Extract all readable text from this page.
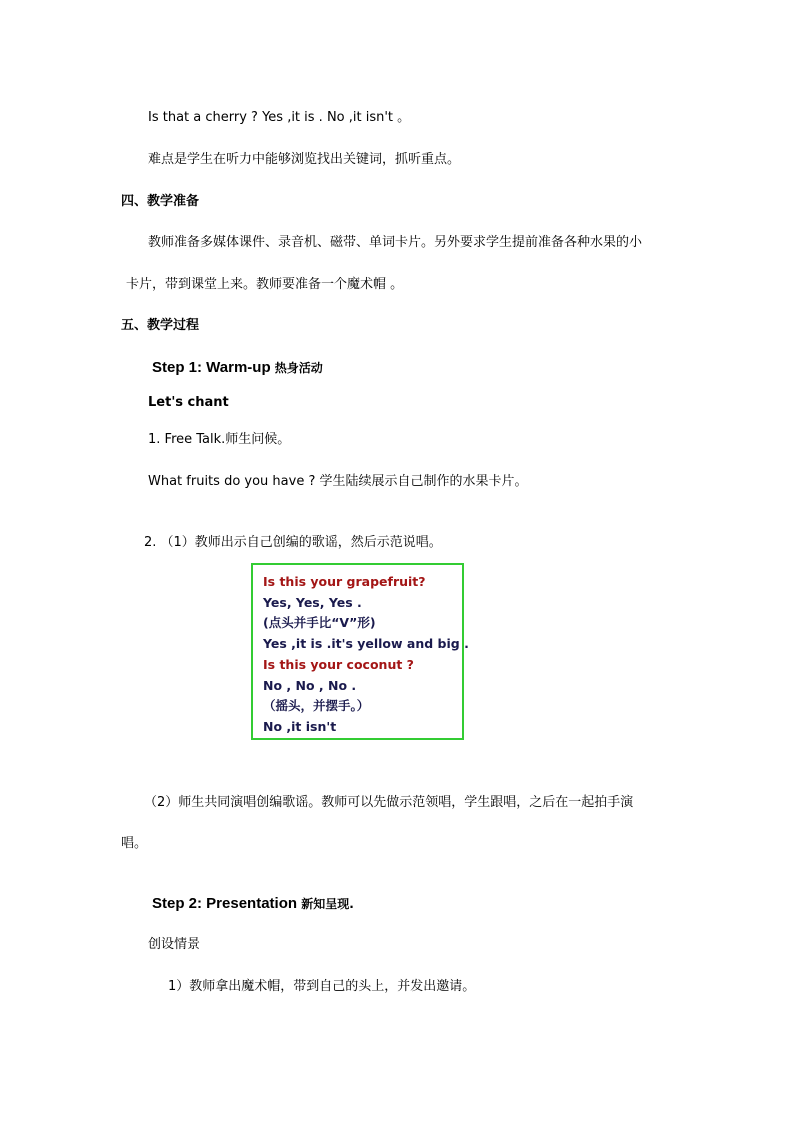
Is that a cherry ? Yes ,it is . No ,it isn't 。
难点是学生在听力中能够浏览找出关键词，抓听重点。
四、教学准备
教师准备多媒体课件、录音机、磁带、单词卡片。另外要求学生提前准备各种水果的小
卡片，带到课堂上来。教师要准备一个魔术帽 。
五、教学过程
Step 1: Warm-up 热身活动
Let's chant
1. Free Talk.师生问候。
What fruits do you have ? 学生陆续展示自己制作的水果卡片。
2. （1）教师出示自己创编的歌谣，然后示范说唱。
Is this your grapefruit?
Yes, Yes, Yes .
(点头并手比“V”形)
Yes ,it is .it's yellow and big .
Is this your coconut ?
No , No , No .
（摇头，并摆手。）
No ,it isn't
（2）师生共同演唱创编歌谣。教师可以先做示范领唱，学生跟唱，之后在一起拍手演
唱。
Step 2: Presentation 新知呈现.
创设情景
1）教师拿出魔术帽，带到自己的头上，并发出邀请。
